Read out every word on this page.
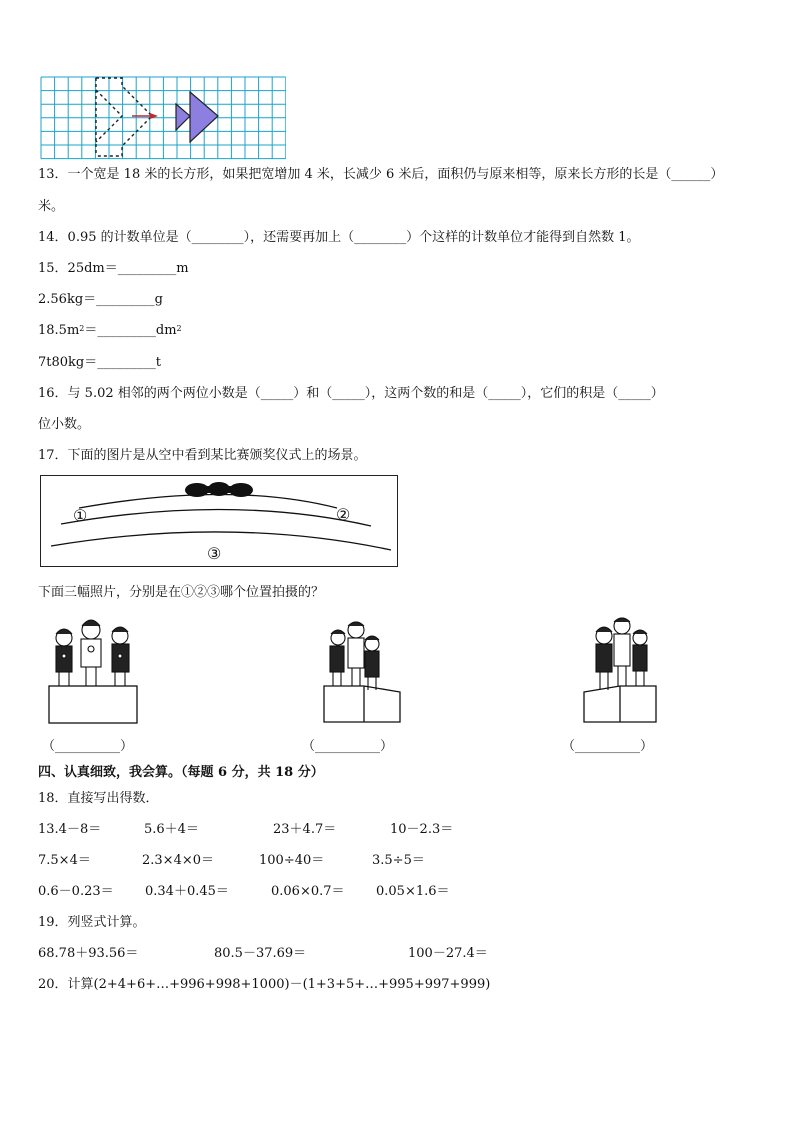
13．一个宽是 18 米的长方形，如果把宽增加 4 米，长减少 6 米后，面积仍与原来相等，原来长方形的长是（______）
米。
14．0.95 的计数单位是（________），还需要再加上（________）个这样的计数单位才能得到自然数 1。
15．25dm＝_________m
2.56kg＝_________g
$18.5m^2=\_\_\_\_\_\_\_\_\_dm^2$
7t80kg＝_________t
16．与 5.02 相邻的两个两位小数是（_____）和（_____），这两个数的和是（_____），它们的积是（_____）
位小数。
17．下面的图片是从空中看到某比赛颁奖仪式上的场景。
①	②
③
下面三幅照片，分别是在①②③哪个位置拍摄的？
（__________）	（__________）	（__________）
四、认真细致，我会算。（每题 6 分，共 18 分）
18．直接写出得数．
13.4－8＝	5.6＋4＝	23＋4.7＝	10－2.3＝
7.5×4＝	2.3×4×0＝	100÷40＝	3.5÷5＝
0.6－0.23＝ 0.34＋0.45＝	0.06×0.7＝ 0.05×1.6＝
19．列竖式计算。
68.78＋93.56＝	80.5－37.69＝	100－27.4＝
20．计算(2+4+6+…+996+998+1000)－(1+3+5+…+995+997+999)
